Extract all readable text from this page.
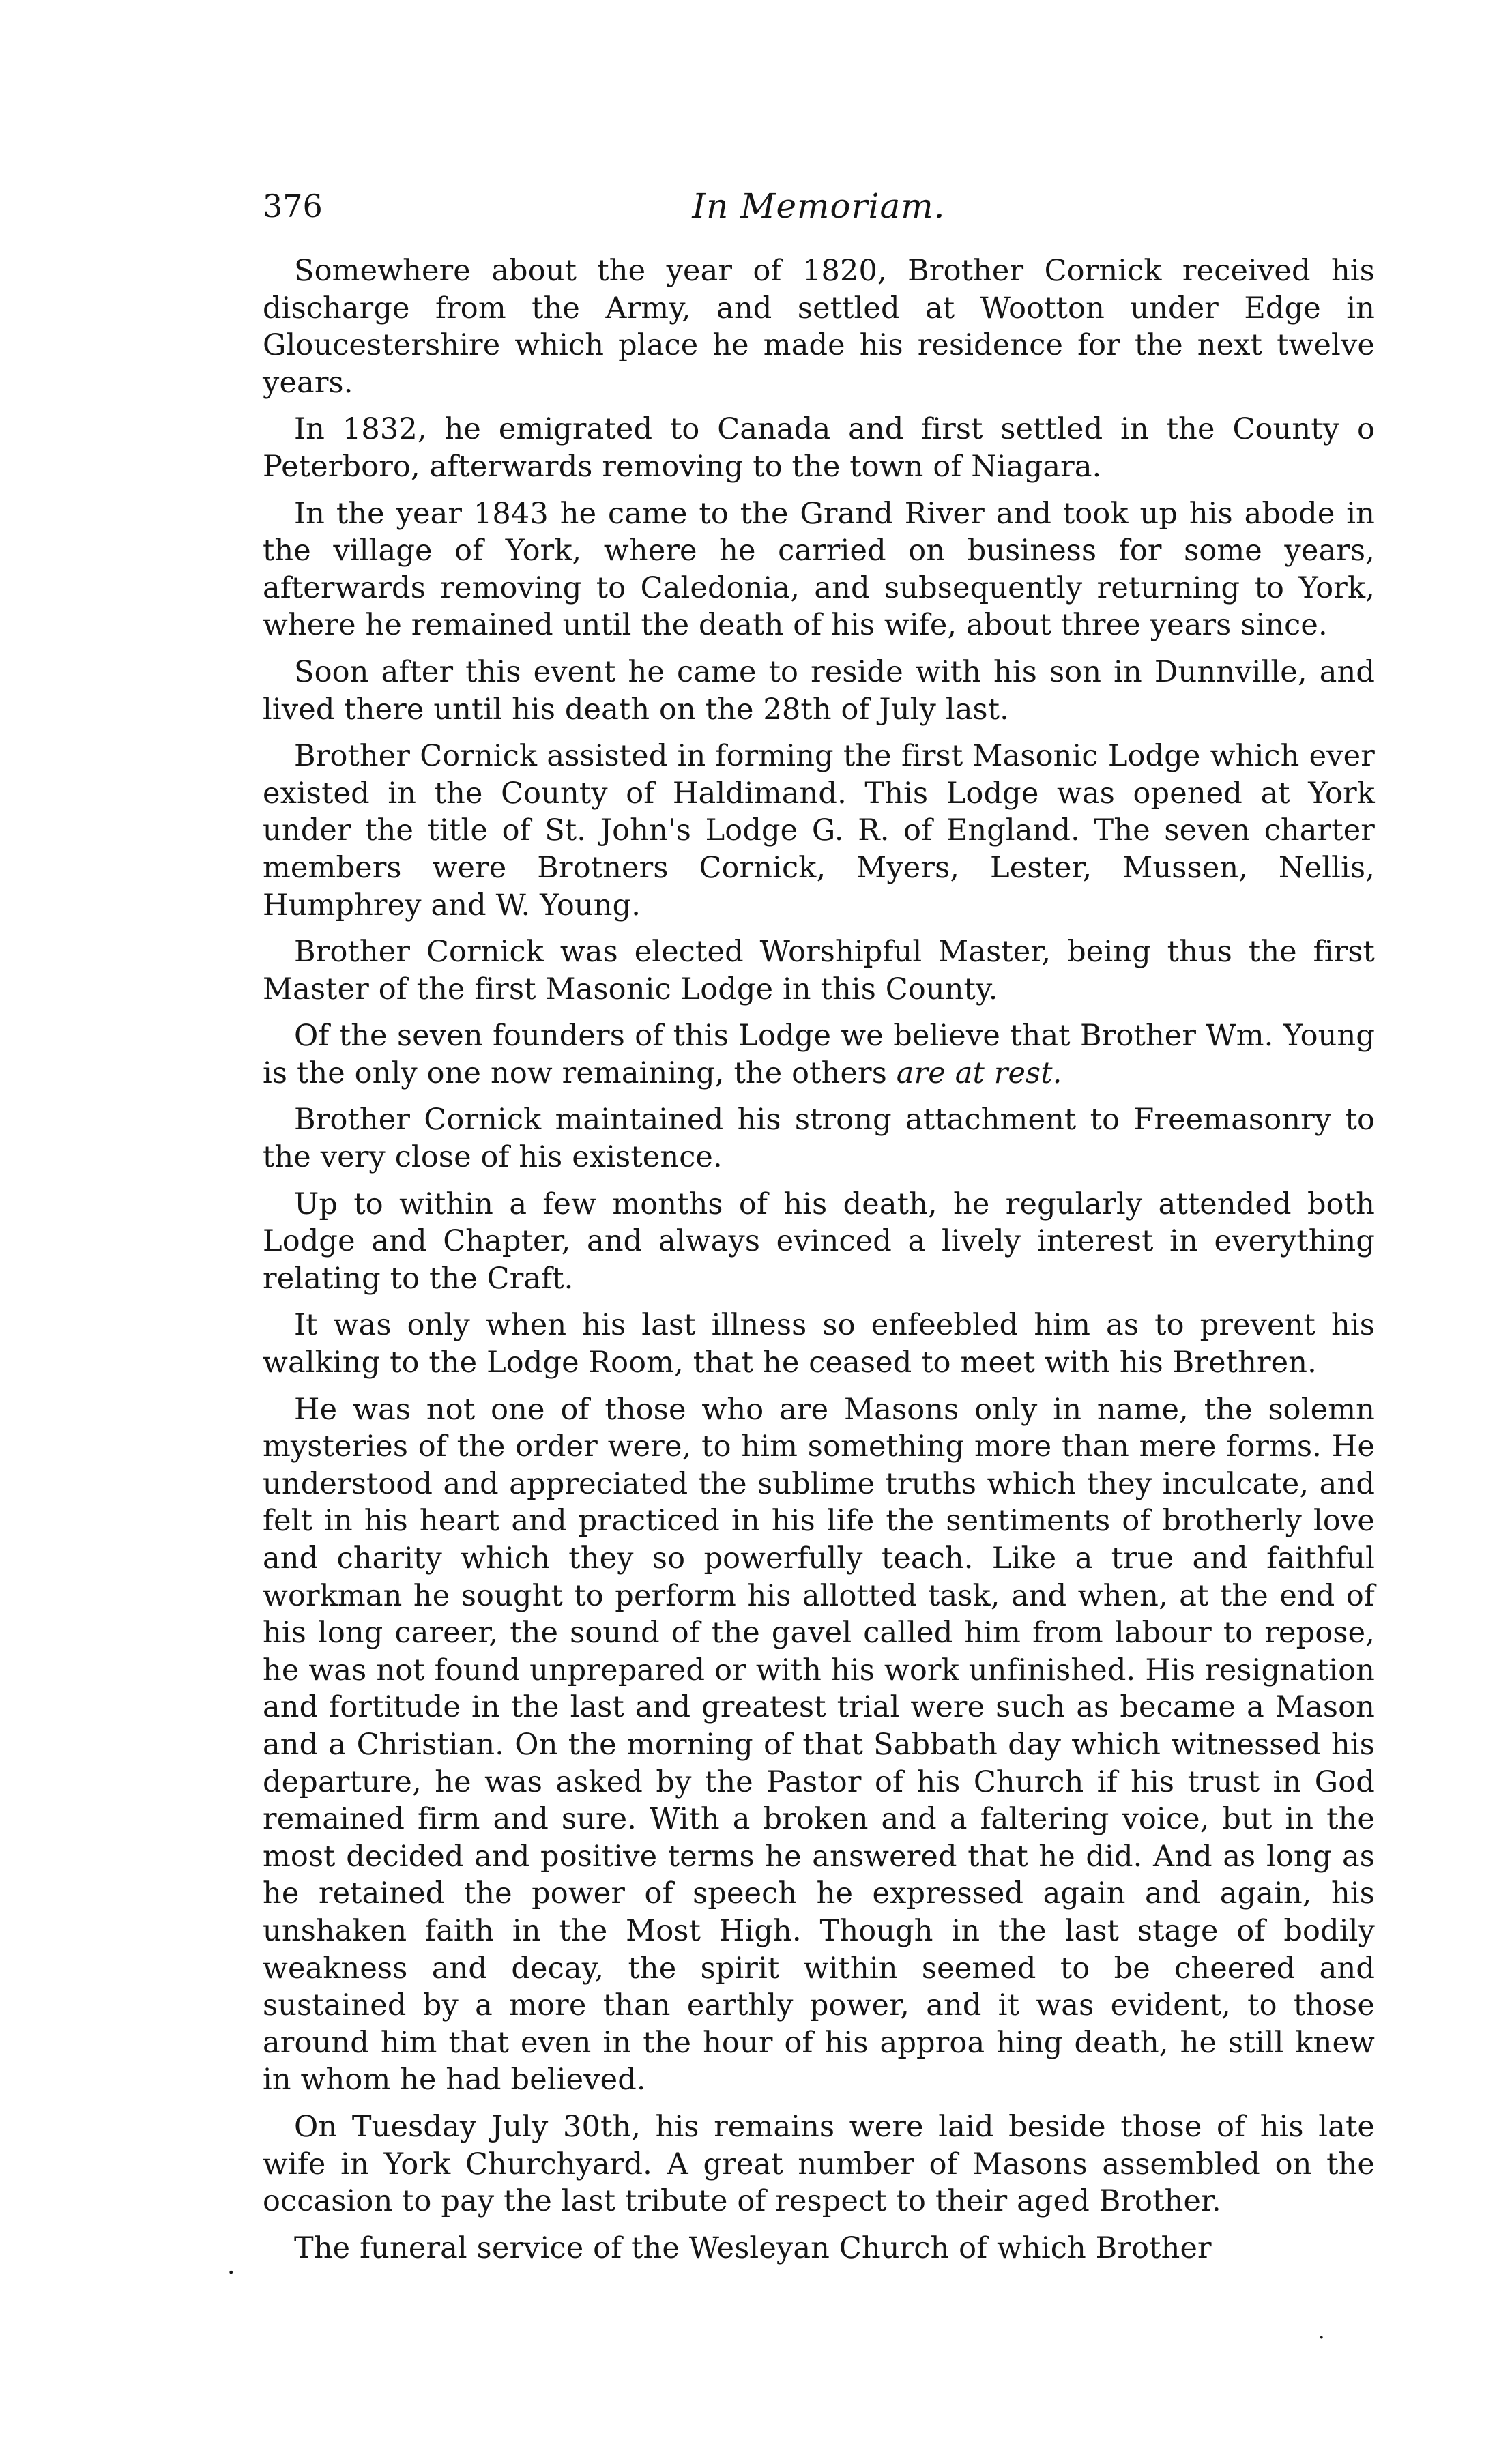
376	In Memoriam.

Somewhere about the year of 1820, Brother Cornick received his discharge from the Army, and settled at Wootton under Edge in Gloucestershire which place he made his residence for the next twelve years.

In 1832, he emigrated to Canada and first settled in the County o Peterboro, afterwards removing to the town of Niagara.

In the year 1843 he came to the Grand River and took up his abode in the village of York, where he carried on business for some years, afterwards removing to Caledonia, and subsequently returning to York, where he remained until the death of his wife, about three years since.

Soon after this event he came to reside with his son in Dunnville, and lived there until his death on the 28th of July last.

Brother Cornick assisted in forming the first Masonic Lodge which ever existed in the County of Haldimand. This Lodge was opened at York under the title of St. John's Lodge G. R. of England. The seven charter members were Brotners Cornick, Myers, Lester, Mussen, Nellis, Humphrey and W. Young.

Brother Cornick was elected Worshipful Master, being thus the first Master of the first Masonic Lodge in this County.

Of the seven founders of this Lodge we believe that Brother Wm. Young is the only one now remaining, the others are at rest.

Brother Cornick maintained his strong attachment to Freemasonry to the very close of his existence.

Up to within a few months of his death, he regularly attended both Lodge and Chapter, and always evinced a lively interest in everything relating to the Craft.

It was only when his last illness so enfeebled him as to prevent his walking to the Lodge Room, that he ceased to meet with his Brethren.

He was not one of those who are Masons only in name, the solemn mysteries of the order were, to him something more than mere forms. He understood and appreciated the sublime truths which they inculcate, and felt in his heart and practiced in his life the sentiments of brotherly love and charity which they so powerfully teach. Like a true and faithful workman he sought to perform his allotted task, and when, at the end of his long career, the sound of the gavel called him from labour to repose, he was not found unprepared or with his work unfinished. His resignation and fortitude in the last and greatest trial were such as became a Mason and a Christian. On the morning of that Sabbath day which witnessed his departure, he was asked by the Pastor of his Church if his trust in God remained firm and sure. With a broken and a faltering voice, but in the most decided and positive terms he answered that he did. And as long as he retained the power of speech he expressed again and again, his unshaken faith in the Most High. Though in the last stage of bodily weakness and decay, the spirit within seemed to be cheered and sustained by a more than earthly power, and it was evident, to those around him that even in the hour of his approa hing death, he still knew in whom he had believed.

On Tuesday July 30th, his remains were laid beside those of his late wife in York Churchyard. A great number of Masons assembled on the occasion to pay the last tribute of respect to their aged Brother.

The funeral service of the Wesleyan Church of which Brother

·
·
